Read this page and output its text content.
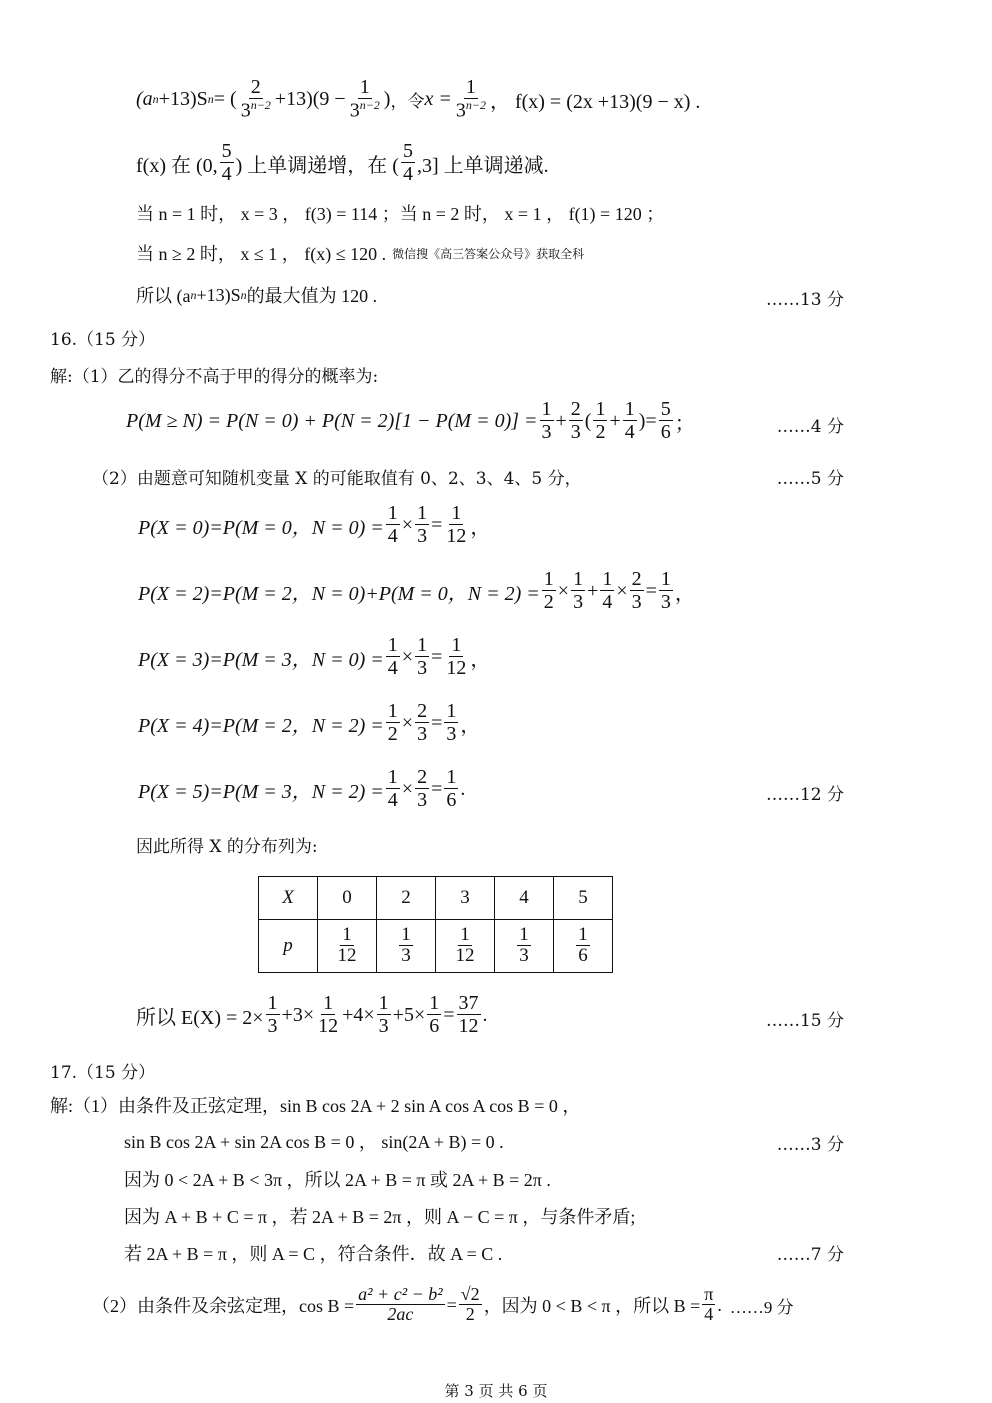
(a n +13)S n = ( $\frac{2}{3^{n-2}} +13)(9 - \frac{1}{3^{n-2}}$ ) ，令 $x = \frac{1}{3^{n-2}}$ ， f(x) = (2x +13)(9 − x) .
f(x) 在 (0, $\frac{5}{4}$ ) 上单调递增，在 ( $\frac{5}{4} ,3$] 上单调递减.
当 n = 1 时， x = 3 ， f(3) = 114 ；当 n = 2 时， x = 1 ， f(1) = 120 ；
当 n ≥ 2 时， x ≤ 1 ， f(x) ≤ 120 . 微信搜《高三答案公众号》获取全科
所以 (a n +13)S n 的最大值为 120 .	……13 分
16.（15 分）
解:（1）乙的得分不高于甲的得分的概率为:
$P(M \ge N) = P(N = 0) + P(N = 2)[1 - P(M = 0)] = \frac{1}{3} + \frac{2}{3}$ ( $\frac{1}{2} + \frac{1}{4}$ )= $\frac{5}{6}$ ；	……4 分
（2）由题意可知随机变量 X 的可能取值有 0、2、3、4、5 分，	……5 分
P(X = 0)=P(M = 0，$N = 0) = \frac{1}{4} \times \frac{1}{3} = \frac{1}{12}$ ，
P(X = 2)=P(M = 2，N = 0)+P(M = 0，$N = 2) = \frac{1}{2} \times \frac{1}{3} + \frac{1}{4} \times \frac{2}{3} = \frac{1}{3}$ ，
P(X = 3)=P(M = 3，$N = 0) = \frac{1}{4} \times \frac{1}{3} = \frac{1}{12}$ ，
P(X = 4)=P(M = 2，$N = 2) = \frac{1}{2} \times \frac{2}{3} = \frac{1}{3}$ ，
P(X = 5)=P(M = 3，$N = 2) = \frac{1}{4} \times \frac{2}{3} = \frac{1}{6}$ .	……12 分
因此所得 X 的分布列为:
X	0	2	3	4	5
p	$\frac{1}{12}$	$\frac{1}{3}$	$\frac{1}{12}$	$\frac{1}{3}$	$\frac{1}{6}$
所以 $E(X) = 2\times \frac{1}{3} +3\times \frac{1}{12} +4\times \frac{1}{3} +5\times \frac{1}{6} = \frac{37}{12}$ .	……15 分
17.（15 分）
解:（1）由条件及正弦定理，sin B cos 2A + 2 sin A cos A cos B = 0 ，
sin B cos 2A + sin 2A cos B = 0 ， sin(2A + B) = 0 .	……3 分
因为 0 < 2A + B < 3π ，所以 2A + B = π 或 2A + B = 2π .
因为 A + B + C = π ，若 2A + B = 2π ，则 A − C = π ，与条件矛盾;
若 2A + B = π ，则 A = C ，符合条件．故 A = C .	……7 分
（2）由条件及余弦定理，$\cos B = \frac{\text{a² + c² − b²}}{2ac} = \frac{√2}{2}$ ，因为 0 < B < π ，所以 $B = \frac{\pi}{4}$ . ……9 分
第 3 页 共 6 页
